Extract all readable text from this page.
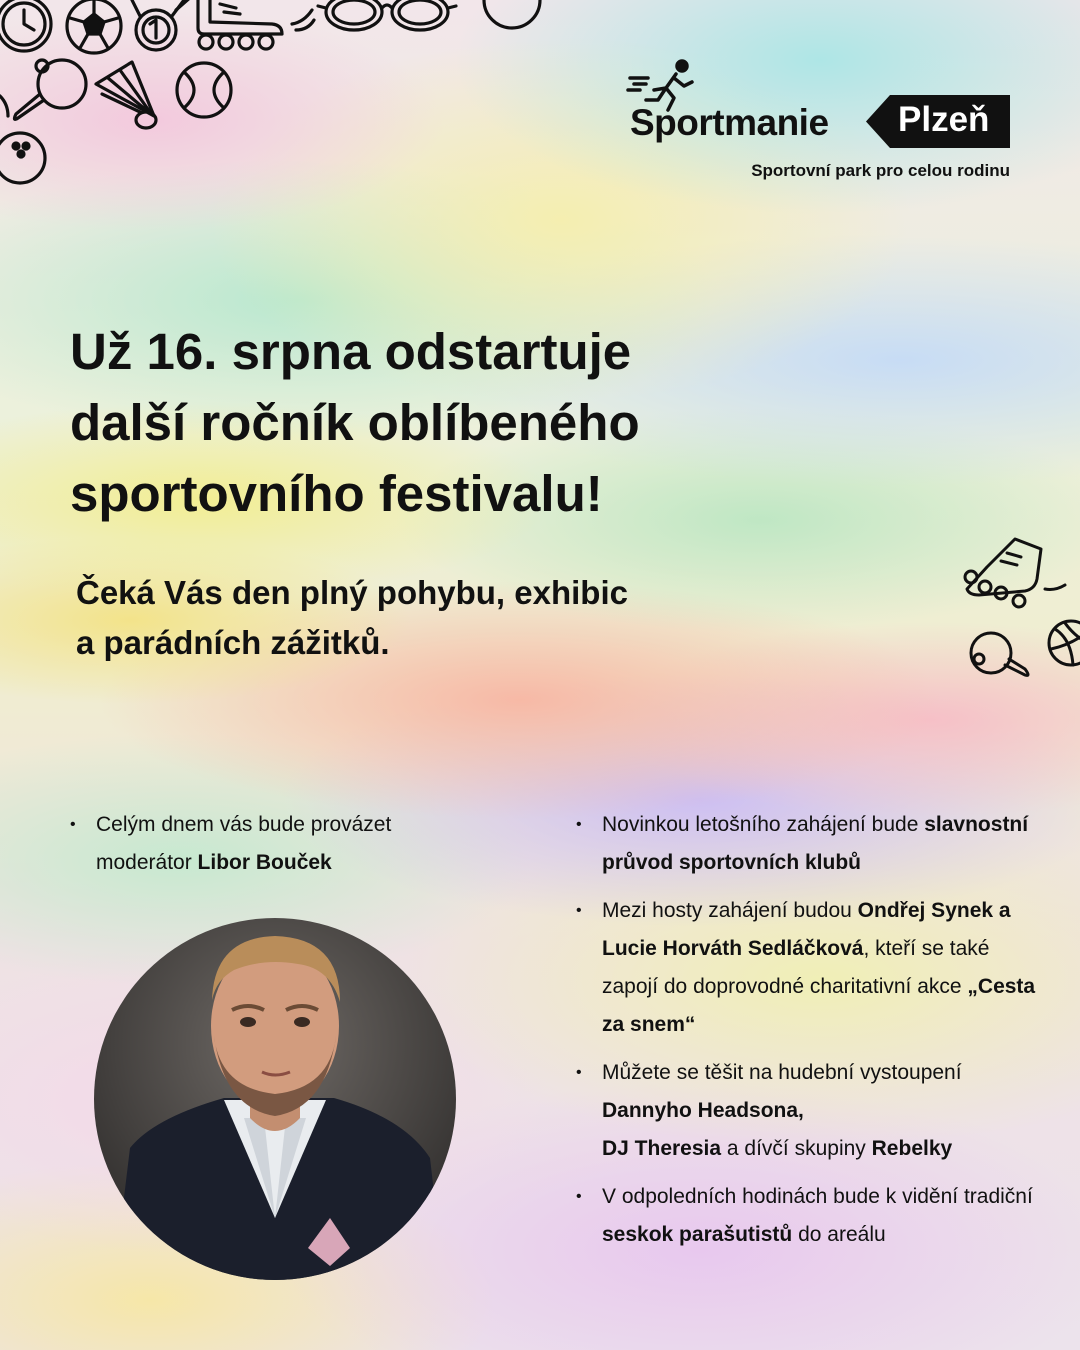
Sportmanie Plzeň
Sportovní park pro celou rodinu
Už 16. srpna odstartuje
další ročník oblíbeného
sportovního festivalu!

Čeká Vás den plný pohybu, exhibic
a parádních zážitků.

• Celým dnem vás bude provázet moderátor Libor Bouček
• Novinkou letošního zahájení bude slavnostní průvod sportovních klubů
• Mezi hosty zahájení budou Ondřej Synek a Lucie Horváth Sedláčková, kteří se také zapojí do doprovodné charitativní akce „Cesta za snem“
• Můžete se těšit na hudební vystoupení Dannyho Headsona,
DJ Theresia a dívčí skupiny Rebelky
• V odpoledních hodinách bude k vidění tradiční seskok parašutistů do areálu
